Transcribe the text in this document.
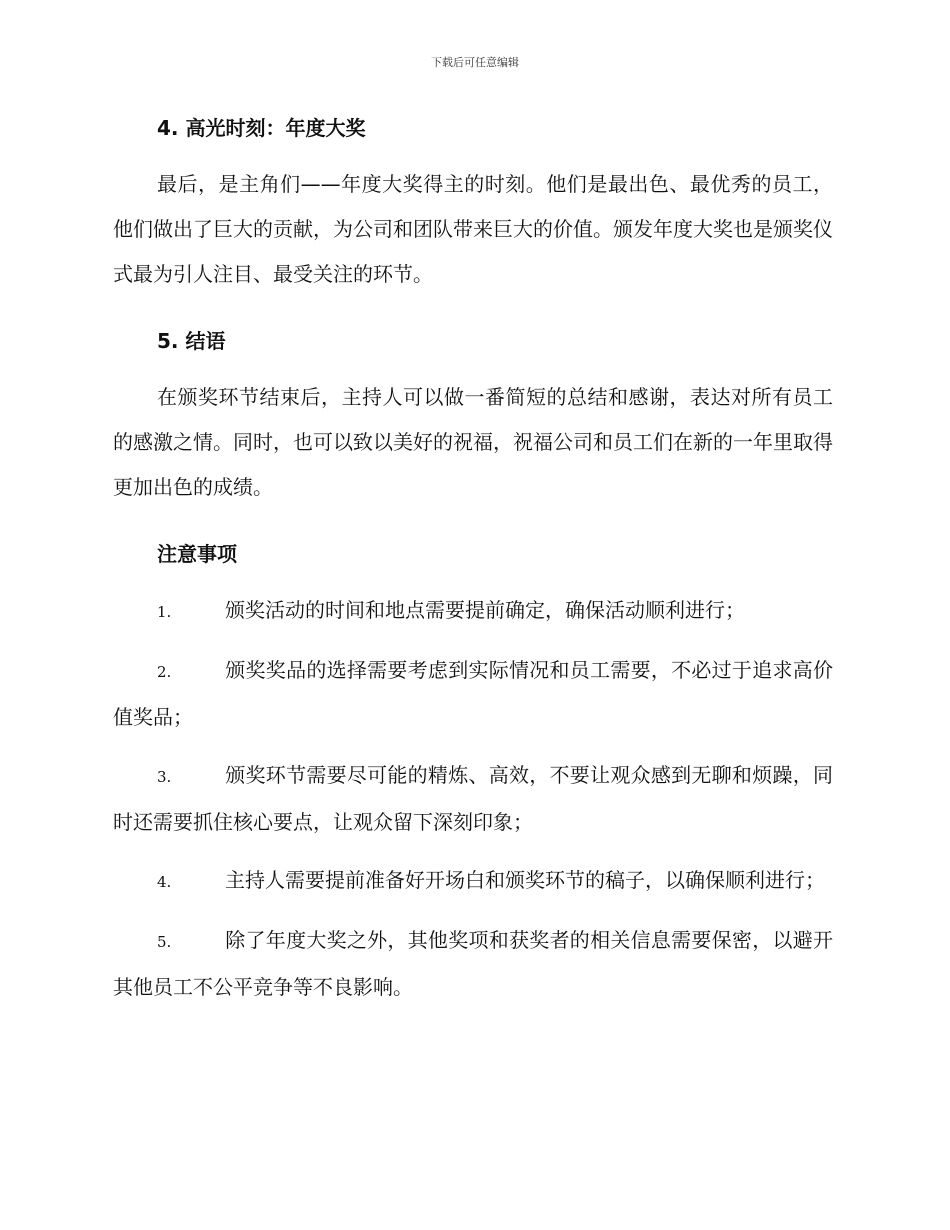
下载后可任意编辑
4. 高光时刻：年度大奖

最后，是主角们——年度大奖得主的时刻。他们是最出色、最优秀的员工，他们做出了巨大的贡献，为公司和团队带来巨大的价值。颁发年度大奖也是颁奖仪式最为引人注目、最受关注的环节。

5. 结语

在颁奖环节结束后，主持人可以做一番简短的总结和感谢，表达对所有员工的感激之情。同时，也可以致以美好的祝福，祝福公司和员工们在新的一年里取得更加出色的成绩。

注意事项

1.	颁奖活动的时间和地点需要提前确定，确保活动顺利进行；

2.	颁奖奖品的选择需要考虑到实际情况和员工需要，不必过于追求高价值奖品；

3.	颁奖环节需要尽可能的精炼、高效，不要让观众感到无聊和烦躁，同时还需要抓住核心要点，让观众留下深刻印象；

4.	主持人需要提前准备好开场白和颁奖环节的稿子，以确保顺利进行；

5.	除了年度大奖之外，其他奖项和获奖者的相关信息需要保密，以避开其他员工不公平竞争等不良影响。
